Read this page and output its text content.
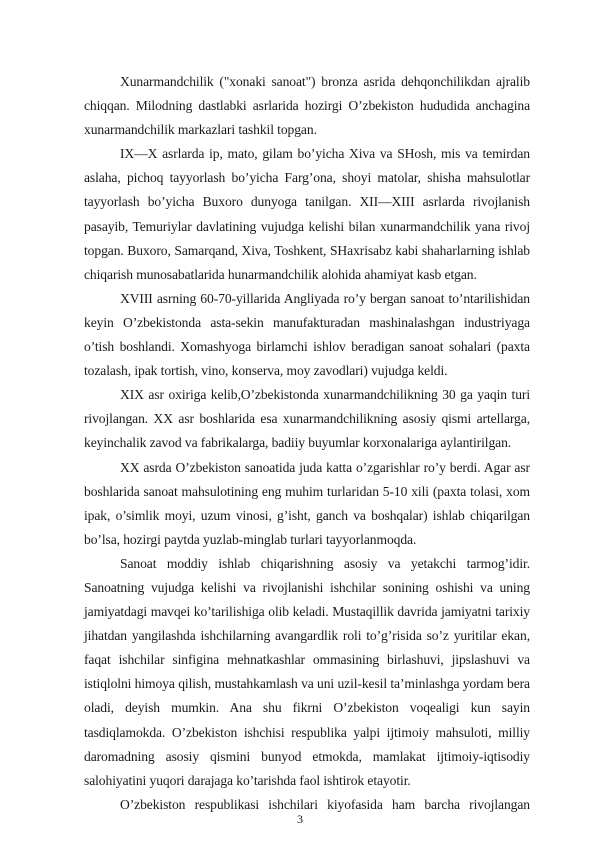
Xunarmandchilik ("xonaki sanoat") bronza asrida dehqonchilikdan ajralib chiqqan. Milodning dastlabki asrlarida hozirgi O’zbekiston hududida anchagina xunarmandchilik markazlari tashkil topgan.

IX—X asrlarda ip, mato, gilam bo’yicha Xiva va SHosh, mis va temirdan aslaha, pichoq tayyorlash bo’yicha Farg’ona, shoyi matolar, shisha mahsulotlar tayyorlash bo’yicha Buxoro dunyoga tanilgan. XII—XIII asrlarda rivojlanish pasayib, Temuriylar davlatining vujudga kelishi bilan xunarmandchilik yana rivoj topgan. Buxoro, Samarqand, Xiva, Toshkent, SHaxrisabz kabi shaharlarning ishlab chiqarish munosabatlarida hunarmandchilik alohida ahamiyat kasb etgan.

XVIII asrning 60-70-yillarida Angliyada ro’y bergan sanoat to’ntarilishidan keyin O’zbekistonda asta-sekin manufakturadan mashinalashgan industriyaga o’tish boshlandi. Xomashyoga birlamchi ishlov beradigan sanoat sohalari (paxta tozalash, ipak tortish, vino, konserva, moy zavodlari) vujudga keldi.

XIX asr oxiriga kelib,O’zbekistonda xunarmandchilikning 30 ga yaqin turi rivojlangan. XX asr boshlarida esa xunarmandchilikning asosiy qismi artellarga, keyinchalik zavod va fabrikalarga, badiiy buyumlar korxonalariga aylantirilgan.

XX asrda O’zbekiston sanoatida juda katta o’zgarishlar ro’y berdi. Agar asr boshlarida sanoat mahsulotining eng muhim turlaridan 5-10 xili (paxta tolasi, xom ipak, o’simlik moyi, uzum vinosi, g’isht, ganch va boshqalar) ishlab chiqarilgan bo’lsa, hozirgi paytda yuzlab-minglab turlari tayyorlanmoqda.

Sanoat moddiy ishlab chiqarishning asosiy va yetakchi tarmog’idir. Sanoatning vujudga kelishi va rivojlanishi ishchilar sonining oshishi va uning jamiyatdagi mavqei ko’tarilishiga olib keladi. Mustaqillik davrida jamiyatni tarixiy jihatdan yangilashda ishchilarning avangardlik roli to’g’risida so’z yuritilar ekan, faqat ishchilar sinfigina mehnatkashlar ommasining birlashuvi, jipslashuvi va istiqlolni himoya qilish, mustahkamlash va uni uzil-kesil ta’minlashga yordam bera oladi, deyish mumkin. Ana shu fikrni O’zbekiston voqealigi kun sayin tasdiqlamokda. O’zbekiston ishchisi respublika yalpi ijtimoiy mahsuloti, milliy daromadning asosiy qismini bunyod etmokda, mamlakat ijtimoiy-iqtisodiy salohiyatini yuqori darajaga ko’tarishda faol ishtirok etayotir.

O’zbekiston respublikasi ishchilari kiyofasida ham barcha rivojlangan

3
